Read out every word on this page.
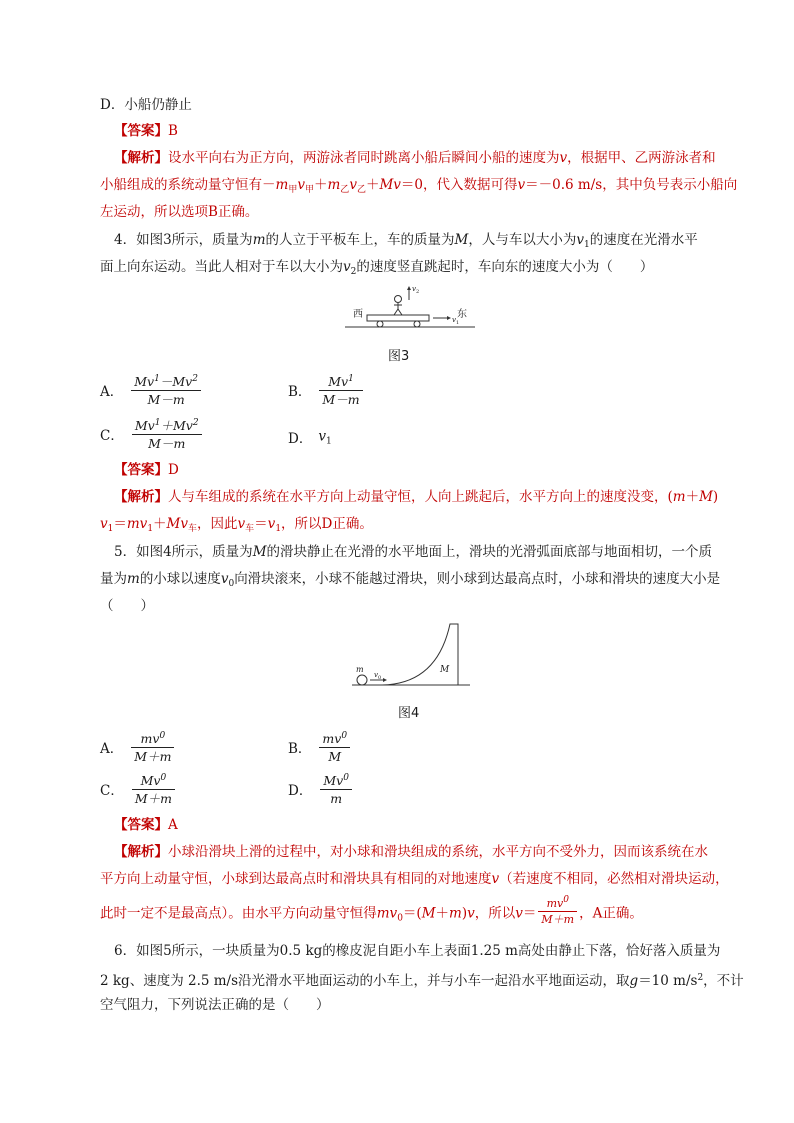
D．小船仍静止
【答案】B
【解析】设水平向右为正方向，两游泳者同时跳离小船后瞬间小船的速度为v，根据甲、乙两游泳者和
小船组成的系统动量守恒有$-m_甲v_甲+m_乙v_乙+Mv=0$，代入数据可得v＝－0.6 m/s，其中负号表示小船向
左运动，所以选项B正确。
4．如图3所示，质量为m的人立于平板车上，车的质量为M，人与车以大小为$v_1$的速度在光滑水平
面上向东运动。当此人相对于车以大小为$v_2$的速度竖直跳起时，车向东的速度大小为（　　）
西	东
v 2
v 1
图3
A． $\frac{Mv^1-Mv^2}{M-m}$	B． $\frac{Mv^1}{M-m}$
C． $\frac{Mv^1+Mv^2}{M-m}$	D． $v_1$
【答案】D
【解析】人与车组成的系统在水平方向上动量守恒，人向上跳起后，水平方向上的速度没变，(m＋M)
$v_1=mv_1+Mv_车$，因此$v_车=v_1$，所以D正确。
5．如图4所示，质量为M的滑块静止在光滑的水平地面上，滑块的光滑弧面底部与地面相切，一个质
量为m的小球以速度$v_0$向滑块滚来，小球不能越过滑块，则小球到达最高点时，小球和滑块的速度大小是
（　　）
m
v 0
M
图4
A． $\frac{mv^0}{M+m}$	B． $\frac{mv^0}{M}$
C． $\frac{Mv^0}{M+m}$	D． $\frac{Mv^0}{m}$
【答案】A
【解析】小球沿滑块上滑的过程中，对小球和滑块组成的系统，水平方向不受外力，因而该系统在水
平方向上动量守恒，小球到达最高点时和滑块具有相同的对地速度v（若速度不相同，必然相对滑块运动，
此时一定不是最高点）。由水平方向动量守恒得$mv_0=(M+m)v$，所以$v= \frac{mv^0}{M+m}$ ，A正确。
6．如图5所示，一块质量为0.5 kg的橡皮泥自距小车上表面1.25 m高处由静止下落，恰好落入质量为
2 kg、速度为 2.5 m/s沿光滑水平地面运动的小车上，并与小车一起沿水平地面运动，取g＝10 $m/s^2$，不计
空气阻力，下列说法正确的是（　　）
